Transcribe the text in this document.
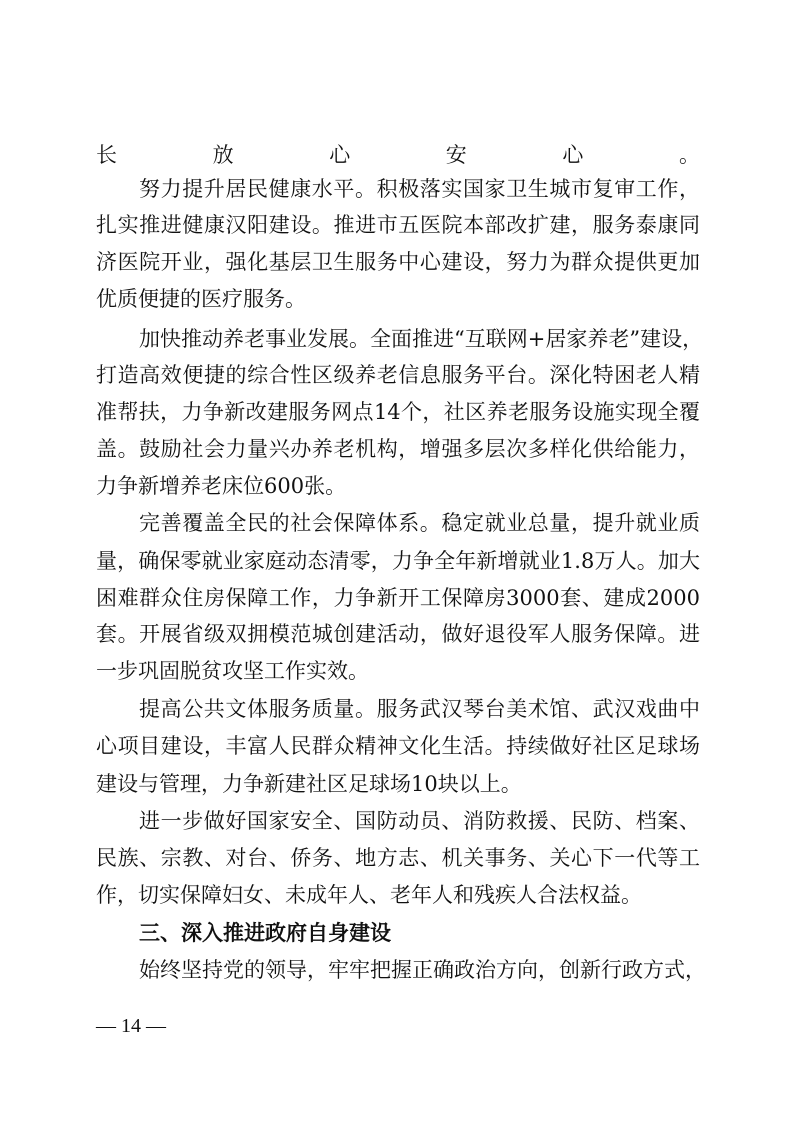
长放心安心。
努力提升居民健康水平。积极落实国家卫生城市复审工作，
扎实推进健康汉阳建设。推进市五医院本部改扩建，服务泰康同
济医院开业，强化基层卫生服务中心建设，努力为群众提供更加
优质便捷的医疗服务。
加快推动养老事业发展。全面推进“互联网+居家养老”建设，
打造高效便捷的综合性区级养老信息服务平台。深化特困老人精
准帮扶，力争新改建服务网点14个，社区养老服务设施实现全覆
盖。鼓励社会力量兴办养老机构，增强多层次多样化供给能力，
力争新增养老床位600张。
完善覆盖全民的社会保障体系。稳定就业总量，提升就业质
量，确保零就业家庭动态清零，力争全年新增就业1.8万人。加大
困难群众住房保障工作，力争新开工保障房3000套、建成2000
套。开展省级双拥模范城创建活动，做好退役军人服务保障。进
一步巩固脱贫攻坚工作实效。
提高公共文体服务质量。服务武汉琴台美术馆、武汉戏曲中
心项目建设，丰富人民群众精神文化生活。持续做好社区足球场
建设与管理，力争新建社区足球场10块以上。
进一步做好国家安全、国防动员、消防救援、民防、档案、
民族、宗教、对台、侨务、地方志、机关事务、关心下一代等工
作，切实保障妇女、未成年人、老年人和残疾人合法权益。
三、深入推进政府自身建设
始终坚持党的领导，牢牢把握正确政治方向，创新行政方式，
— 14 —
